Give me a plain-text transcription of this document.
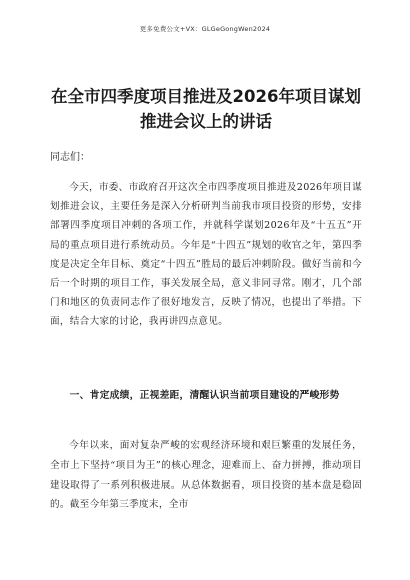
更多免费公文+VX：GLGeGongWen2024
在全市四季度项目推进及2026年项目谋划推进会议上的讲话
同志们：

今天，市委、市政府召开这次全市四季度项目推进及2026年项目谋划推进会议，主要任务是深入分析研判当前我市项目投资的形势，安排部署四季度项目冲刺的各项工作，并就科学谋划2026年及“十五五”开局的重点项目进行系统动员。今年是“十四五”规划的收官之年，第四季度是决定全年目标、奠定“十四五”胜局的最后冲刺阶段。做好当前和今后一个时期的项目工作，事关发展全局，意义非同寻常。刚才，几个部门和地区的负责同志作了很好地发言，反映了情况，也提出了举措。下面，结合大家的讨论，我再讲四点意见。

一、肯定成绩，正视差距，清醒认识当前项目建设的严峻形势

今年以来，面对复杂严峻的宏观经济环境和艰巨繁重的发展任务，全市上下坚持“项目为王”的核心理念，迎难而上、奋力拼搏，推动项目建设取得了一系列积极进展。从总体数据看，项目投资的基本盘是稳固的。截至今年第三季度末，全市
